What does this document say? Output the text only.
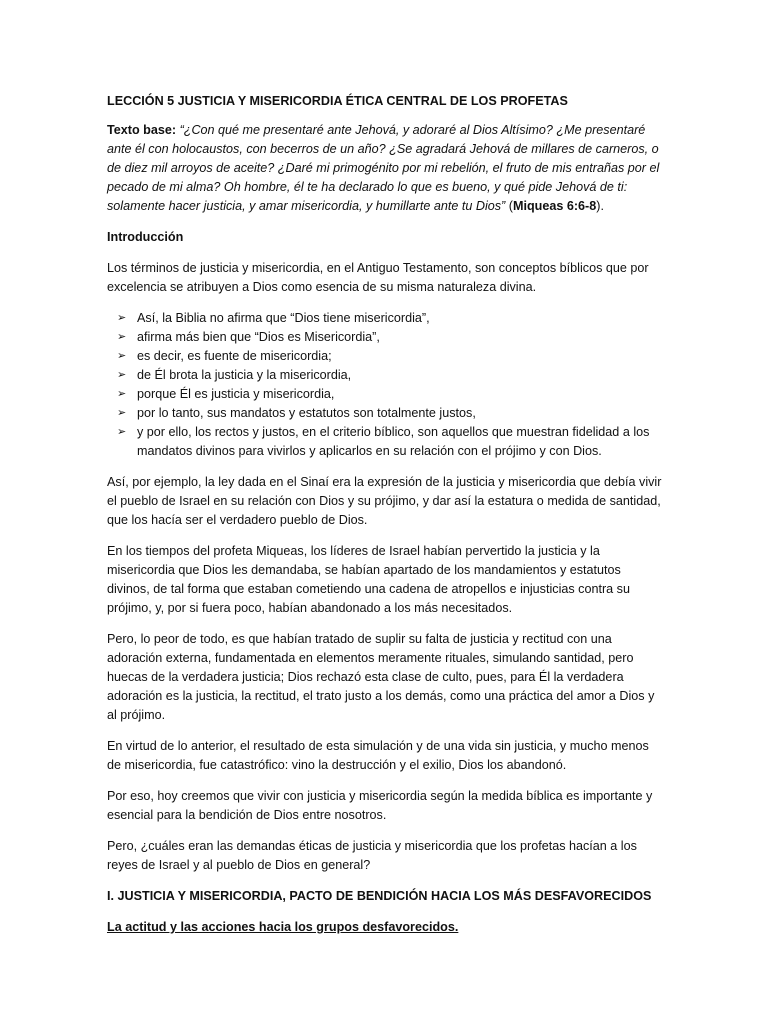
LECCIÓN 5 JUSTICIA Y MISERICORDIA ÉTICA CENTRAL DE LOS PROFETAS

Texto base: “¿Con qué me presentaré ante Jehová, y adoraré al Dios Altísimo? ¿Me presentaré ante él con holocaustos, con becerros de un año? ¿Se agradará Jehová de millares de carneros, o de diez mil arroyos de aceite? ¿Daré mi primogénito por mi rebelión, el fruto de mis entrañas por el pecado de mi alma? Oh hombre, él te ha declarado lo que es bueno, y qué pide Jehová de ti: solamente hacer justicia, y amar misericordia, y humillarte ante tu Dios” (Miqueas 6:6-8).

Introducción

Los términos de justicia y misericordia, en el Antiguo Testamento, son conceptos bíblicos que por excelencia se atribuyen a Dios como esencia de su misma naturaleza divina.

➢ Así, la Biblia no afirma que “Dios tiene misericordia”,
➢ afirma más bien que “Dios es Misericordia”,
➢ es decir, es fuente de misericordia;
➢ de Él brota la justicia y la misericordia,
➢ porque Él es justicia y misericordia,
➢ por lo tanto, sus mandatos y estatutos son totalmente justos,
➢ y por ello, los rectos y justos, en el criterio bíblico, son aquellos que muestran fidelidad a los mandatos divinos para vivirlos y aplicarlos en su relación con el prójimo y con Dios.

Así, por ejemplo, la ley dada en el Sinaí era la expresión de la justicia y misericordia que debía vivir el pueblo de Israel en su relación con Dios y su prójimo, y dar así la estatura o medida de santidad, que los hacía ser el verdadero pueblo de Dios.

En los tiempos del profeta Miqueas, los líderes de Israel habían pervertido la justicia y la misericordia que Dios les demandaba, se habían apartado de los mandamientos y estatutos divinos, de tal forma que estaban cometiendo una cadena de atropellos e injusticias contra su prójimo, y, por si fuera poco, habían abandonado a los más necesitados.

Pero, lo peor de todo, es que habían tratado de suplir su falta de justicia y rectitud con una adoración externa, fundamentada en elementos meramente rituales, simulando santidad, pero huecas de la verdadera justicia; Dios rechazó esta clase de culto, pues, para Él la verdadera adoración es la justicia, la rectitud, el trato justo a los demás, como una práctica del amor a Dios y al prójimo.

En virtud de lo anterior, el resultado de esta simulación y de una vida sin justicia, y mucho menos de misericordia, fue catastrófico: vino la destrucción y el exilio, Dios los abandonó.

Por eso, hoy creemos que vivir con justicia y misericordia según la medida bíblica es importante y esencial para la bendición de Dios entre nosotros.

Pero, ¿cuáles eran las demandas éticas de justicia y misericordia que los profetas hacían a los reyes de Israel y al pueblo de Dios en general?

I. JUSTICIA Y MISERICORDIA, PACTO DE BENDICIÓN HACIA LOS MÁS DESFAVORECIDOS

La actitud y las acciones hacia los grupos desfavorecidos.
